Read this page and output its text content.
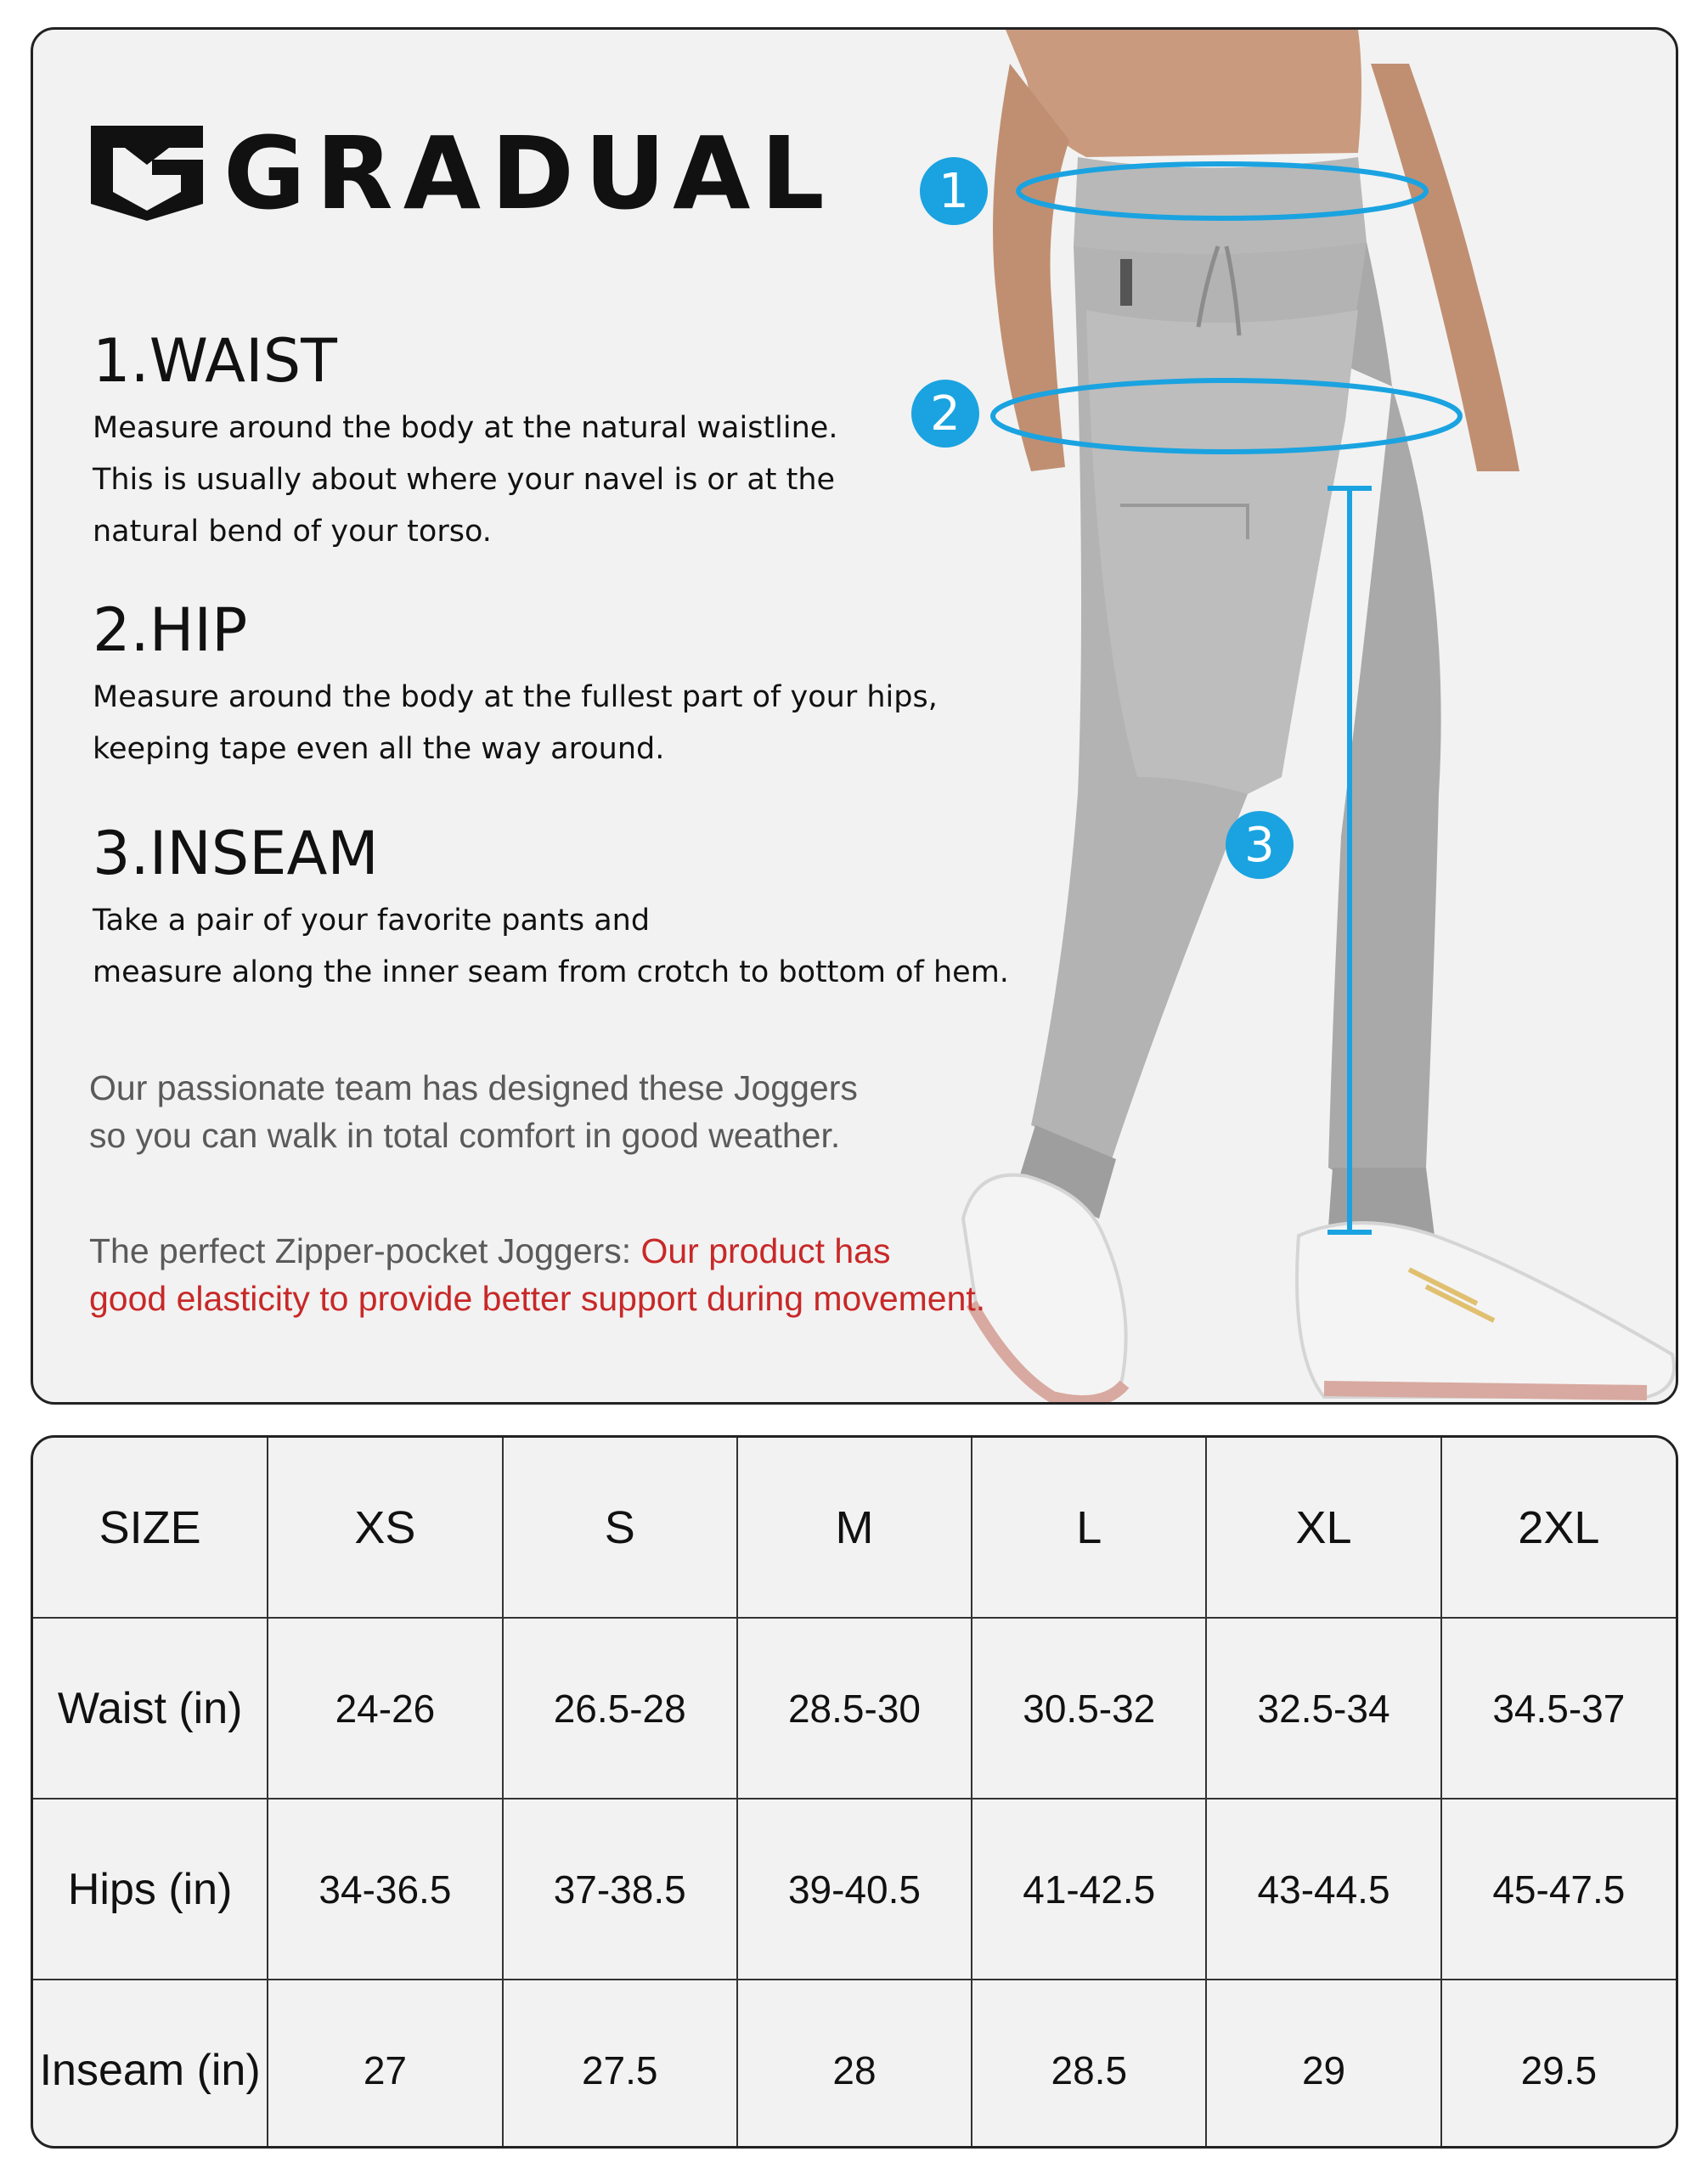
1
2
3
GRADUAL
1.WAIST

Measure around the body at the natural waistline.
This is usually about where your navel is or at the
natural bend of your torso.

2.HIP

Measure around the body at the fullest part of your hips,
keeping tape even all the way around.

3.INSEAM

Take a pair of your favorite pants and
measure along the inner seam from crotch to bottom of hem.

Our passionate team has designed these Joggers
so you can walk in total comfort in good weather.
The perfect Zipper-pocket Joggers: Our product has
good elasticity to provide better support during movement.
SIZE	XS	S	M	L	XL	2XL
Waist (in)	24-26	26.5-28	28.5-30	30.5-32	32.5-34	34.5-37
Hips (in)	34-36.5	37-38.5	39-40.5	41-42.5	43-44.5	45-47.5
Inseam (in)	27	27.5	28	28.5	29	29.5
